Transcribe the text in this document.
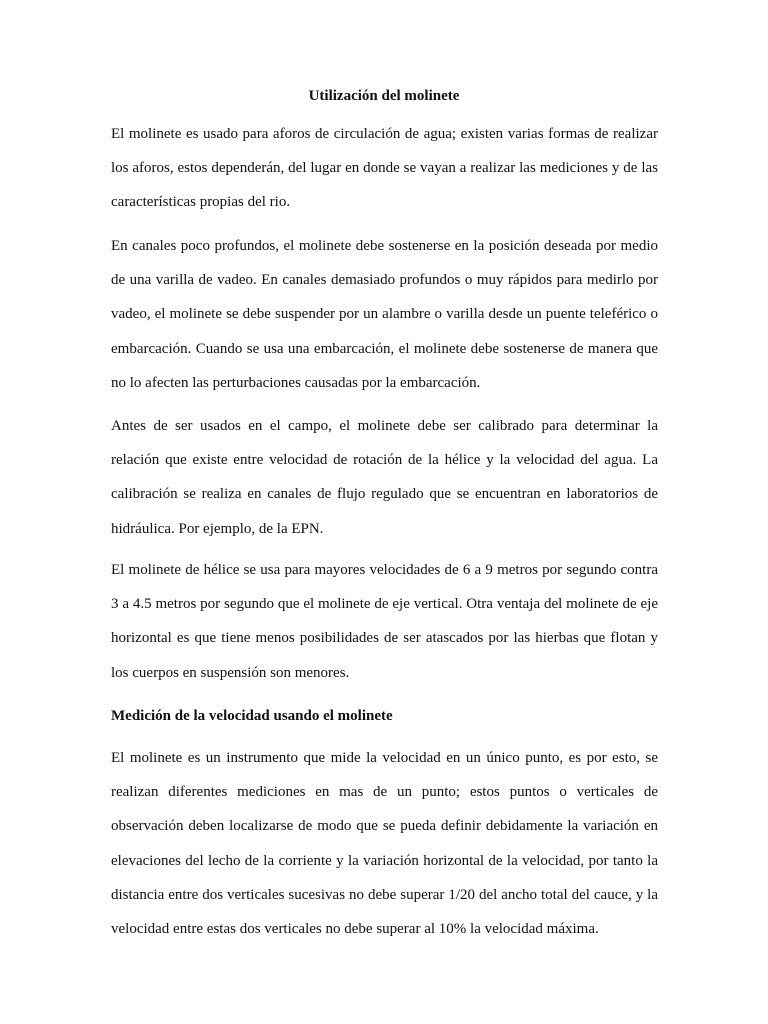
Utilización del molinete

El molinete es usado para aforos de circulación de agua; existen varias formas de realizar los aforos, estos dependerán, del lugar en donde se vayan a realizar las mediciones y de las características propias del rio.

En canales poco profundos, el molinete debe sostenerse en la posición deseada por medio de una varilla de vadeo. En canales demasiado profundos o muy rápidos para medirlo por vadeo, el molinete se debe suspender por un alambre o varilla desde un puente teleférico o embarcación. Cuando se usa una embarcación, el molinete debe sostenerse de manera que no lo afecten las perturbaciones causadas por la embarcación.

Antes de ser usados en el campo, el molinete debe ser calibrado para determinar la relación que existe entre velocidad de rotación de la hélice y la velocidad del agua. La calibración se realiza en canales de flujo regulado que se encuentran en laboratorios de hidráulica. Por ejemplo, de la EPN.

El molinete de hélice se usa para mayores velocidades de 6 a 9 metros por segundo contra 3 a 4.5 metros por segundo que el molinete de eje vertical. Otra ventaja del molinete de eje horizontal es que tiene menos posibilidades de ser atascados por las hierbas que flotan y los cuerpos en suspensión son menores.

Medición de la velocidad usando el molinete

El molinete es un instrumento que mide la velocidad en un único punto, es por esto, se realizan diferentes mediciones en mas de un punto; estos puntos o verticales de observación deben localizarse de modo que se pueda definir debidamente la variación en elevaciones del lecho de la corriente y la variación horizontal de la velocidad, por tanto la distancia entre dos verticales sucesivas no debe superar 1/20 del ancho total del cauce, y la velocidad entre estas dos verticales no debe superar al 10% la velocidad máxima.
